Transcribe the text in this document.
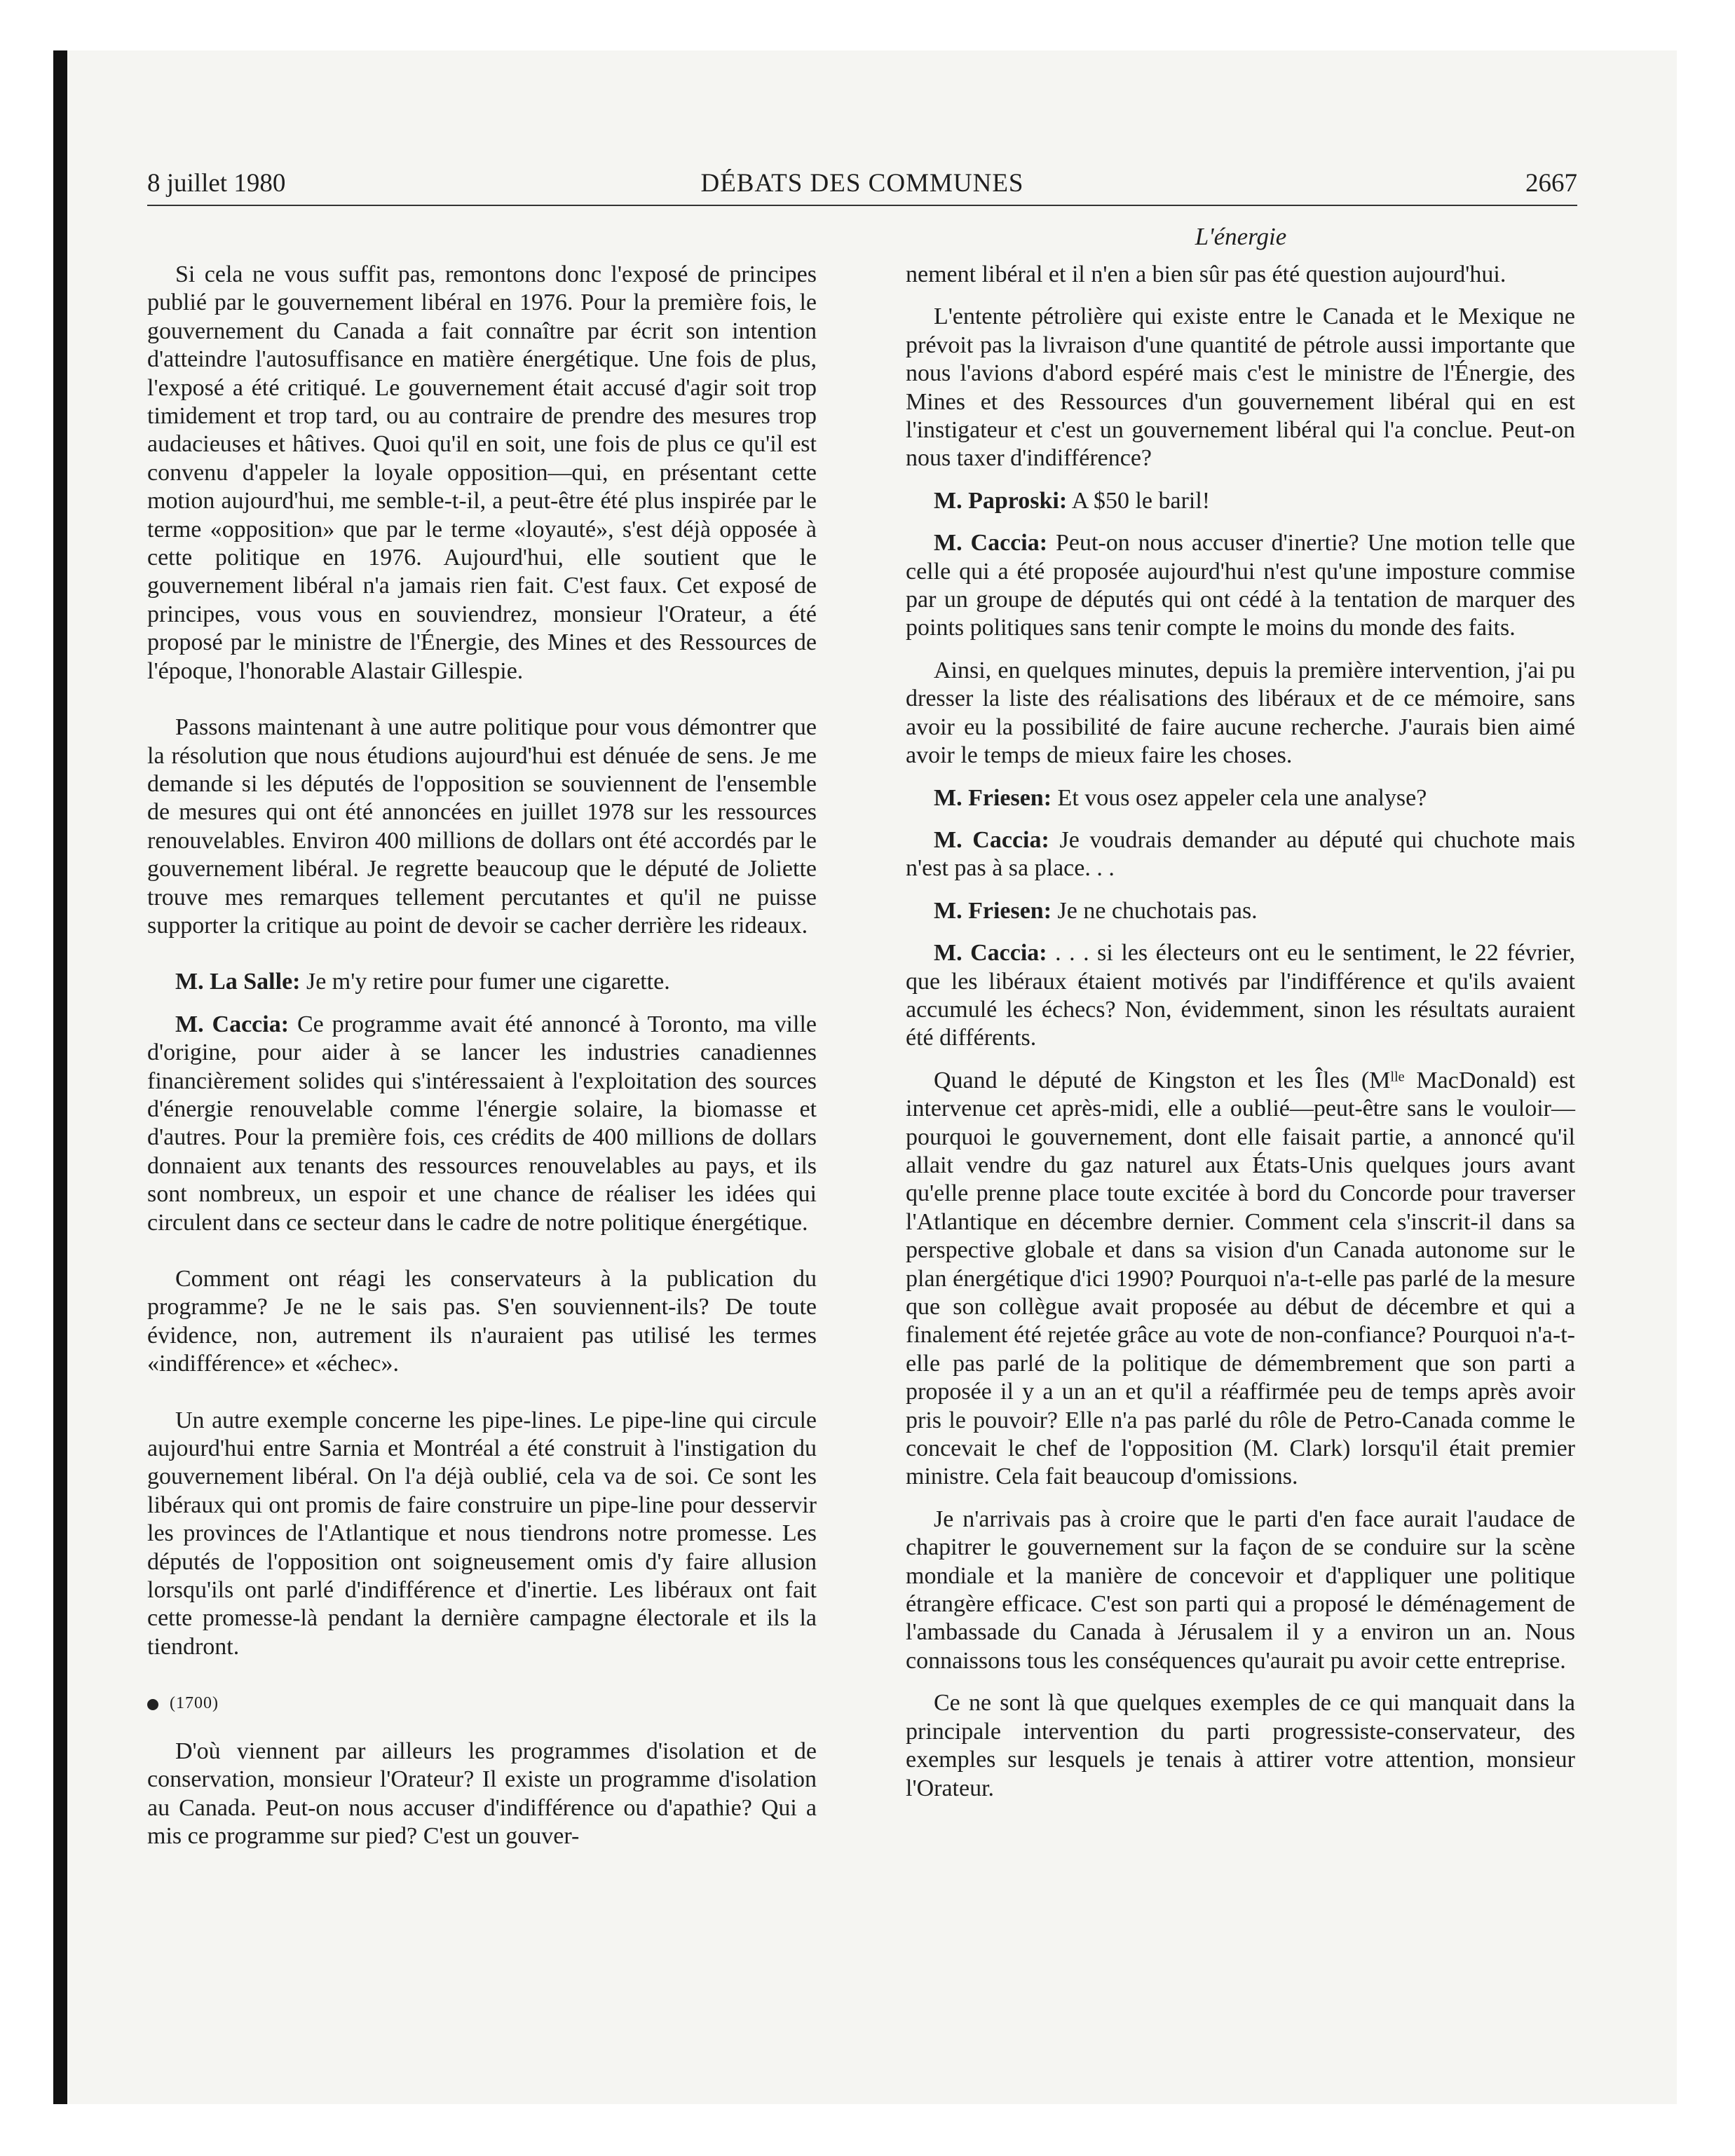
8 juillet 1980	DÉBATS DES COMMUNES	2667
L'énergie

Si cela ne vous suffit pas, remontons donc l'exposé de principes publié par le gouvernement libéral en 1976. Pour la première fois, le gouvernement du Canada a fait connaître par écrit son intention d'atteindre l'autosuffisance en matière énergétique. Une fois de plus, l'exposé a été critiqué. Le gouvernement était accusé d'agir soit trop timidement et trop tard, ou au contraire de prendre des mesures trop audacieuses et hâtives. Quoi qu'il en soit, une fois de plus ce qu'il est convenu d'appeler la loyale opposition—qui, en présentant cette motion aujourd'hui, me semble-t-il, a peut-être été plus inspirée par le terme «opposition» que par le terme «loyauté», s'est déjà opposée à cette politique en 1976. Aujourd'hui, elle soutient que le gouvernement libéral n'a jamais rien fait. C'est faux. Cet exposé de principes, vous vous en souviendrez, monsieur l'Orateur, a été proposé par le ministre de l'Énergie, des Mines et des Ressources de l'époque, l'honorable Alastair Gillespie.

Passons maintenant à une autre politique pour vous démontrer que la résolution que nous étudions aujourd'hui est dénuée de sens. Je me demande si les députés de l'opposition se souviennent de l'ensemble de mesures qui ont été annoncées en juillet 1978 sur les ressources renouvelables. Environ 400 millions de dollars ont été accordés par le gouvernement libéral. Je regrette beaucoup que le député de Joliette trouve mes remarques tellement percutantes et qu'il ne puisse supporter la critique au point de devoir se cacher derrière les rideaux.

M. La Salle: Je m'y retire pour fumer une cigarette.

M. Caccia: Ce programme avait été annoncé à Toronto, ma ville d'origine, pour aider à se lancer les industries canadiennes financièrement solides qui s'intéressaient à l'exploitation des sources d'énergie renouvelable comme l'énergie solaire, la biomasse et d'autres. Pour la première fois, ces crédits de 400 millions de dollars donnaient aux tenants des ressources renouvelables au pays, et ils sont nombreux, un espoir et une chance de réaliser les idées qui circulent dans ce secteur dans le cadre de notre politique énergétique.

Comment ont réagi les conservateurs à la publication du programme? Je ne le sais pas. S'en souviennent-ils? De toute évidence, non, autrement ils n'auraient pas utilisé les termes «indifférence» et «échec».

Un autre exemple concerne les pipe-lines. Le pipe-line qui circule aujourd'hui entre Sarnia et Montréal a été construit à l'instigation du gouvernement libéral. On l'a déjà oublié, cela va de soi. Ce sont les libéraux qui ont promis de faire construire un pipe-line pour desservir les provinces de l'Atlantique et nous tiendrons notre promesse. Les députés de l'opposition ont soigneusement omis d'y faire allusion lorsqu'ils ont parlé d'indifférence et d'inertie. Les libéraux ont fait cette promesse-là pendant la dernière campagne électorale et ils la tiendront.

(1700)

D'où viennent par ailleurs les programmes d'isolation et de conservation, monsieur l'Orateur? Il existe un programme d'isolation au Canada. Peut-on nous accuser d'indifférence ou d'apathie? Qui a mis ce programme sur pied? C'est un gouver-

nement libéral et il n'en a bien sûr pas été question aujourd'hui.

L'entente pétrolière qui existe entre le Canada et le Mexique ne prévoit pas la livraison d'une quantité de pétrole aussi importante que nous l'avions d'abord espéré mais c'est le ministre de l'Énergie, des Mines et des Ressources d'un gouvernement libéral qui en est l'instigateur et c'est un gouvernement libéral qui l'a conclue. Peut-on nous taxer d'indifférence?

M. Paproski: A $50 le baril!

M. Caccia: Peut-on nous accuser d'inertie? Une motion telle que celle qui a été proposée aujourd'hui n'est qu'une imposture commise par un groupe de députés qui ont cédé à la tentation de marquer des points politiques sans tenir compte le moins du monde des faits.

Ainsi, en quelques minutes, depuis la première intervention, j'ai pu dresser la liste des réalisations des libéraux et de ce mémoire, sans avoir eu la possibilité de faire aucune recherche. J'aurais bien aimé avoir le temps de mieux faire les choses.

M. Friesen: Et vous osez appeler cela une analyse?

M. Caccia: Je voudrais demander au député qui chuchote mais n'est pas à sa place. . .

M. Friesen: Je ne chuchotais pas.

M. Caccia: . . . si les électeurs ont eu le sentiment, le 22 février, que les libéraux étaient motivés par l'indifférence et qu'ils avaient accumulé les échecs? Non, évidemment, sinon les résultats auraient été différents.

Quand le député de Kingston et les Îles (Mˡˡᵉ MacDonald) est intervenue cet après-midi, elle a oublié—peut-être sans le vouloir—pourquoi le gouvernement, dont elle faisait partie, a annoncé qu'il allait vendre du gaz naturel aux États-Unis quelques jours avant qu'elle prenne place toute excitée à bord du Concorde pour traverser l'Atlantique en décembre dernier. Comment cela s'inscrit-il dans sa perspective globale et dans sa vision d'un Canada autonome sur le plan énergétique d'ici 1990? Pourquoi n'a-t-elle pas parlé de la mesure que son collègue avait proposée au début de décembre et qui a finalement été rejetée grâce au vote de non-confiance? Pourquoi n'a-t-elle pas parlé de la politique de démembrement que son parti a proposée il y a un an et qu'il a réaffirmée peu de temps après avoir pris le pouvoir? Elle n'a pas parlé du rôle de Petro-Canada comme le concevait le chef de l'opposition (M. Clark) lorsqu'il était premier ministre. Cela fait beaucoup d'omissions.

Je n'arrivais pas à croire que le parti d'en face aurait l'audace de chapitrer le gouvernement sur la façon de se conduire sur la scène mondiale et la manière de concevoir et d'appliquer une politique étrangère efficace. C'est son parti qui a proposé le déménagement de l'ambassade du Canada à Jérusalem il y a environ un an. Nous connaissons tous les conséquences qu'aurait pu avoir cette entreprise.

Ce ne sont là que quelques exemples de ce qui manquait dans la principale intervention du parti progressiste-conservateur, des exemples sur lesquels je tenais à attirer votre attention, monsieur l'Orateur.
